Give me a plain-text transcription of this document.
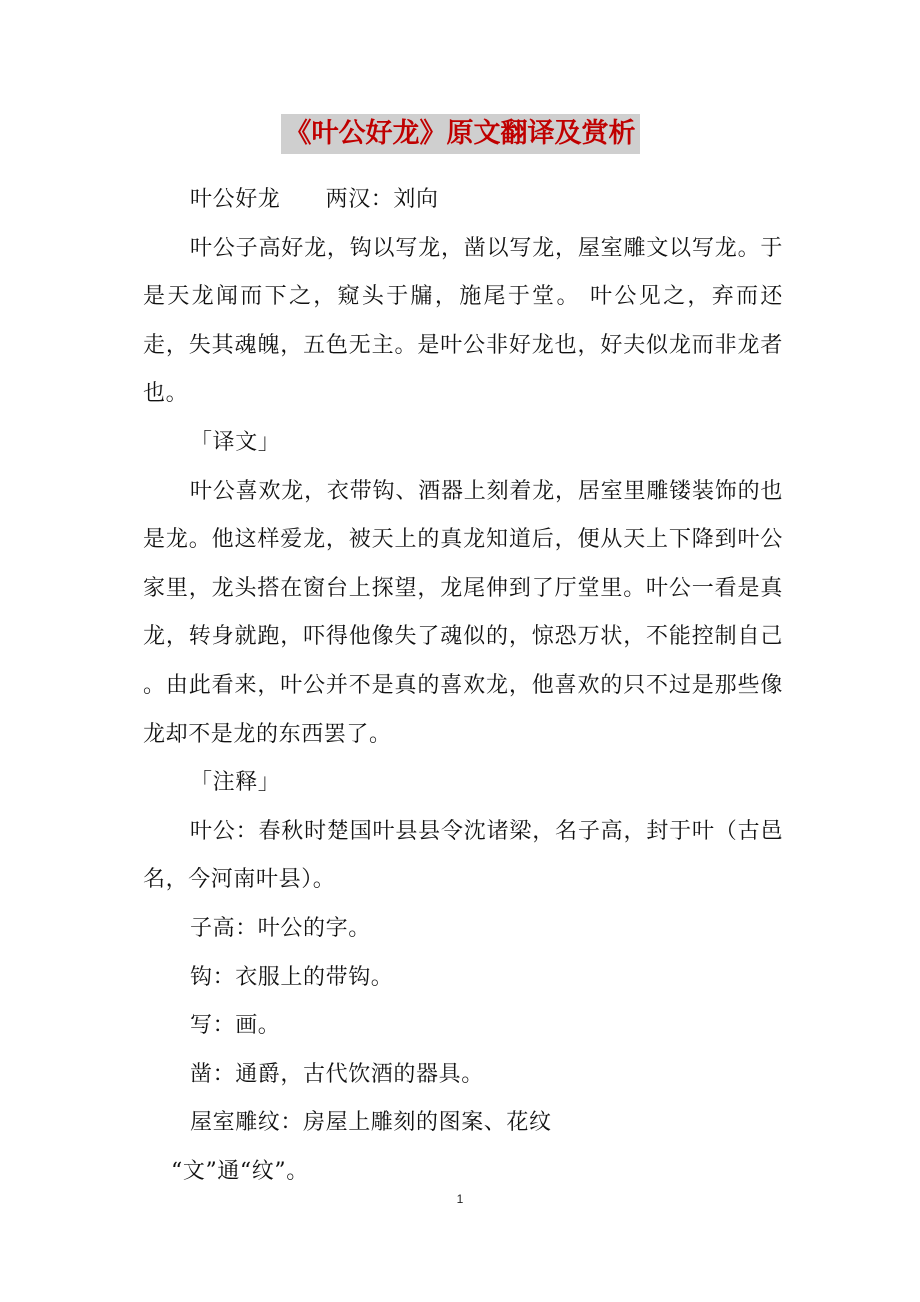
《叶公好龙》原文翻译及赏析

叶公好龙　　两汉：刘向

叶公子高好龙，钩以写龙，凿以写龙，屋室雕文以写龙。于是天龙闻而下之，窥头于牖，施尾于堂。 叶公见之，弃而还走，失其魂魄，五色无主。是叶公非好龙也，好夫似龙而非龙者也。

「译文」

叶公喜欢龙，衣带钩、酒器上刻着龙，居室里雕镂装饰的也是龙。他这样爱龙，被天上的真龙知道后，便从天上下降到叶公家里，龙头搭在窗台上探望，龙尾伸到了厅堂里。叶公一看是真龙，转身就跑，吓得他像失了魂似的，惊恐万状，不能控制自己 。由此看来，叶公并不是真的喜欢龙，他喜欢的只不过是那些像龙却不是龙的东西罢了。

「注释」

叶公：春秋时楚国叶县县令沈诸梁，名子高，封于叶（古邑名，今河南叶县）。

子高：叶公的字。

钩：衣服上的带钩。

写：画。

凿：通爵，古代饮酒的器具。

屋室雕纹：房屋上雕刻的图案、花纹

“文”通“纹”。

1
